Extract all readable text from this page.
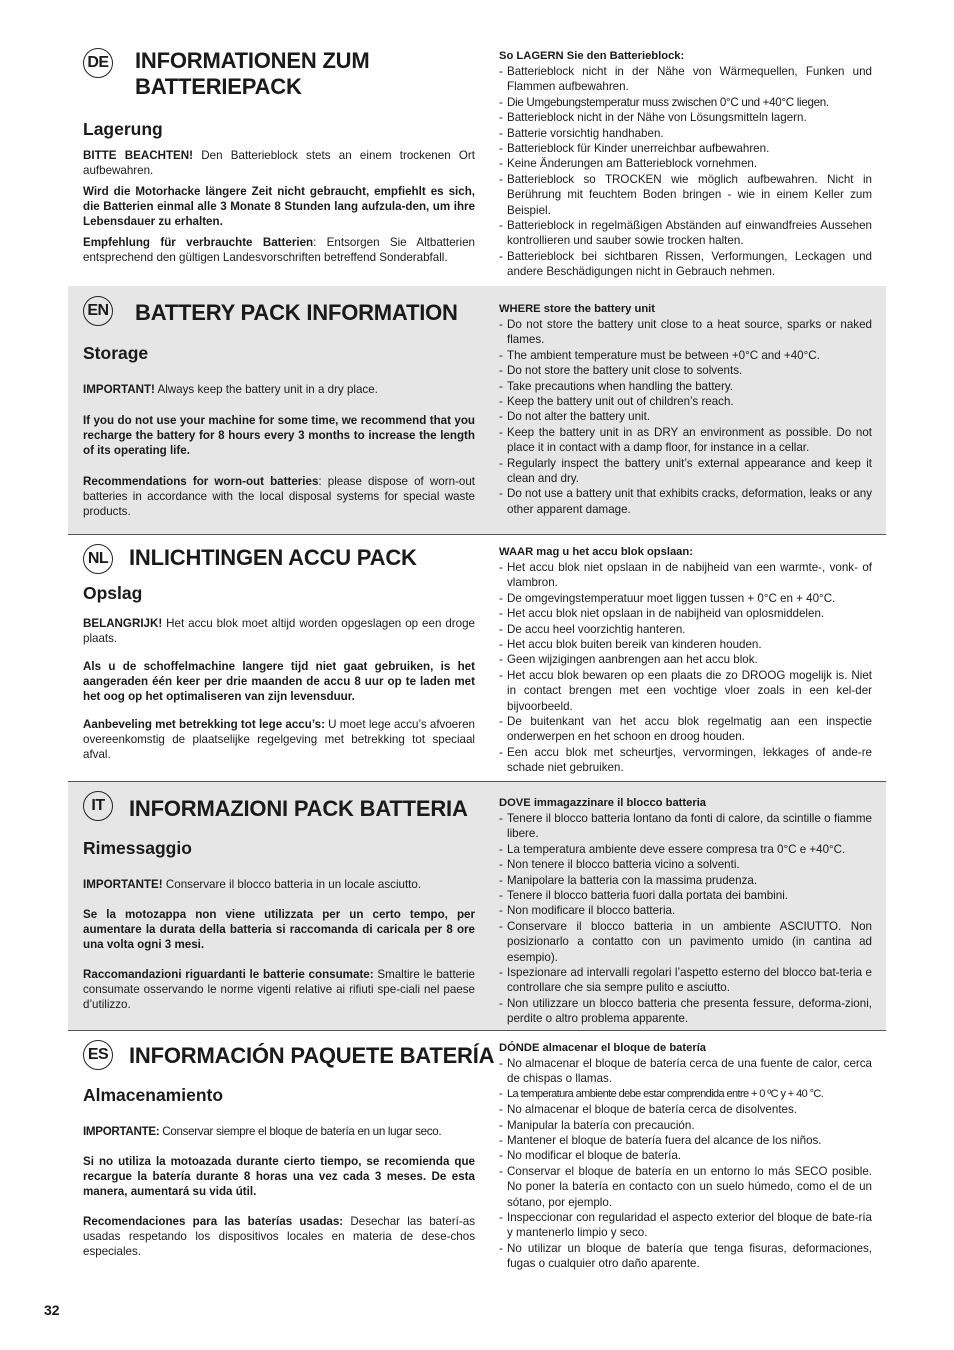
DE INFORMATIONEN ZUM BATTERIEPACK
Lagerung

BITTE BEACHTEN! Den Batterieblock stets an einem trockenen Ort aufbewahren.

Wird die Motorhacke längere Zeit nicht gebraucht, empfiehlt es sich, die Batterien einmal alle 3 Monate 8 Stunden lang aufzula-den, um ihre Lebensdauer zu erhalten.

Empfehlung für verbrauchte Batterien: Entsorgen Sie Altbatterien entsprechend den gültigen Landesvorschriften betreffend Sonderabfall.

So LAGERN Sie den Batterieblock:

- Batterieblock nicht in der Nähe von Wärmequellen, Funken und Flammen aufbewahren.
- Die Umgebungstemperatur muss zwischen 0°C und +40°C liegen.
- Batterieblock nicht in der Nähe von Lösungsmitteln lagern.
- Batterie vorsichtig handhaben.
- Batterieblock für Kinder unerreichbar aufbewahren.
- Keine Änderungen am Batterieblock vornehmen.
- Batterieblock so TROCKEN wie möglich aufbewahren. Nicht in Berührung mit feuchtem Boden bringen - wie in einem Keller zum Beispiel.
- Batterieblock in regelmäßigen Abständen auf einwandfreies Aussehen kontrollieren und sauber sowie trocken halten.
- Batterieblock bei sichtbaren Rissen, Verformungen, Leckagen und andere Beschädigungen nicht in Gebrauch nehmen.
EN BATTERY PACK INFORMATION
Storage

IMPORTANT! Always keep the battery unit in a dry place.

If you do not use your machine for some time, we recommend that you recharge the battery for 8 hours every 3 months to increase the length of its operating life.

Recommendations for worn-out batteries: please dispose of worn-out batteries in accordance with the local disposal systems for special waste products.

WHERE store the battery unit

- Do not store the battery unit close to a heat source, sparks or naked flames.
- The ambient temperature must be between +0°C and +40°C.
- Do not store the battery unit close to solvents.
- Take precautions when handling the battery.
- Keep the battery unit out of children’s reach.
- Do not alter the battery unit.
- Keep the battery unit in as DRY an environment as possible. Do not place it in contact with a damp floor, for instance in a cellar.
- Regularly inspect the battery unit’s external appearance and keep it clean and dry.
- Do not use a battery unit that exhibits cracks, deformation, leaks or any other apparent damage.
NL INLICHTINGEN ACCU PACK
Opslag

BELANGRIJK! Het accu blok moet altijd worden opgeslagen op een droge plaats.

Als u de schoffelmachine langere tijd niet gaat gebruiken, is het aangeraden één keer per drie maanden de accu 8 uur op te laden met het oog op het optimaliseren van zijn levensduur.

Aanbeveling met betrekking tot lege accu’s: U moet lege accu’s afvoeren overeenkomstig de plaatselijke regelgeving met betrekking tot speciaal afval.

WAAR mag u het accu blok opslaan:

- Het accu blok niet opslaan in de nabijheid van een warmte-, vonk- of vlambron.
- De omgevingstemperatuur moet liggen tussen + 0°C en + 40°C.
- Het accu blok niet opslaan in de nabijheid van oplosmiddelen.
- De accu heel voorzichtig hanteren.
- Het accu blok buiten bereik van kinderen houden.
- Geen wijzigingen aanbrengen aan het accu blok.
- Het accu blok bewaren op een plaats die zo DROOG mogelijk is. Niet in contact brengen met een vochtige vloer zoals in een kel-der bijvoorbeeld.
- De buitenkant van het accu blok regelmatig aan een inspectie onderwerpen en het schoon en droog houden.
- Een accu blok met scheurtjes, vervormingen, lekkages of ande-re schade niet gebruiken.
IT	INFORMAZIONI PACK BATTERIA
Rimessaggio

IMPORTANTE! Conservare il blocco batteria in un locale asciutto.

Se la motozappa non viene utilizzata per un certo tempo, per aumentare la durata della batteria si raccomanda di caricala per 8 ore una volta ogni 3 mesi.

Raccomandazioni riguardanti le batterie consumate: Smaltire le batterie consumate osservando le norme vigenti relative ai rifiuti spe-ciali nel paese d’utilizzo.

DOVE immagazzinare il blocco batteria

- Tenere il blocco batteria lontano da fonti di calore, da scintille o fiamme libere.
- La temperatura ambiente deve essere compresa tra 0°C e +40°C.
- Non tenere il blocco batteria vicino a solventi.
- Manipolare la batteria con la massima prudenza.
- Tenere il blocco batteria fuori dalla portata dei bambini.
- Non modificare il blocco batteria.
- Conservare il blocco batteria in un ambiente ASCIUTTO. Non posizionarlo a contatto con un pavimento umido (in cantina ad esempio).
- Ispezionare ad intervalli regolari l’aspetto esterno del blocco bat-teria e controllare che sia sempre pulito e asciutto.
- Non utilizzare un blocco batteria che presenta fessure, deforma-zioni, perdite o altro problema apparente.
ES INFORMACIÓN PAQUETE BATERÍA
Almacenamiento

IMPORTANTE: Conservar siempre el bloque de batería en un lugar seco.

Si no utiliza la motoazada durante cierto tiempo, se recomienda que recargue la batería durante 8 horas una vez cada 3 meses. De esta manera, aumentará su vida útil.

Recomendaciones para las baterías usadas: Desechar las baterí-as usadas respetando los dispositivos locales en materia de dese-chos especiales.

DÓNDE almacenar el bloque de batería

- No almacenar el bloque de batería cerca de una fuente de calor, cerca de chispas o llamas.
- La temperatura ambiente debe estar comprendida entre + 0 ºC y + 40 °C.
- No almacenar el bloque de batería cerca de disolventes.
- Manipular la batería con precaución.
- Mantener el bloque de batería fuera del alcance de los niños.
- No modificar el bloque de batería.
- Conservar el bloque de batería en un entorno lo más SECO posible. No poner la batería en contacto con un suelo húmedo, como el de un sótano, por ejemplo.
- Inspeccionar con regularidad el aspecto exterior del bloque de bate-ría y mantenerlo limpio y seco.
- No utilizar un bloque de batería que tenga fisuras, deformaciones, fugas o cualquier otro daño aparente.
32
